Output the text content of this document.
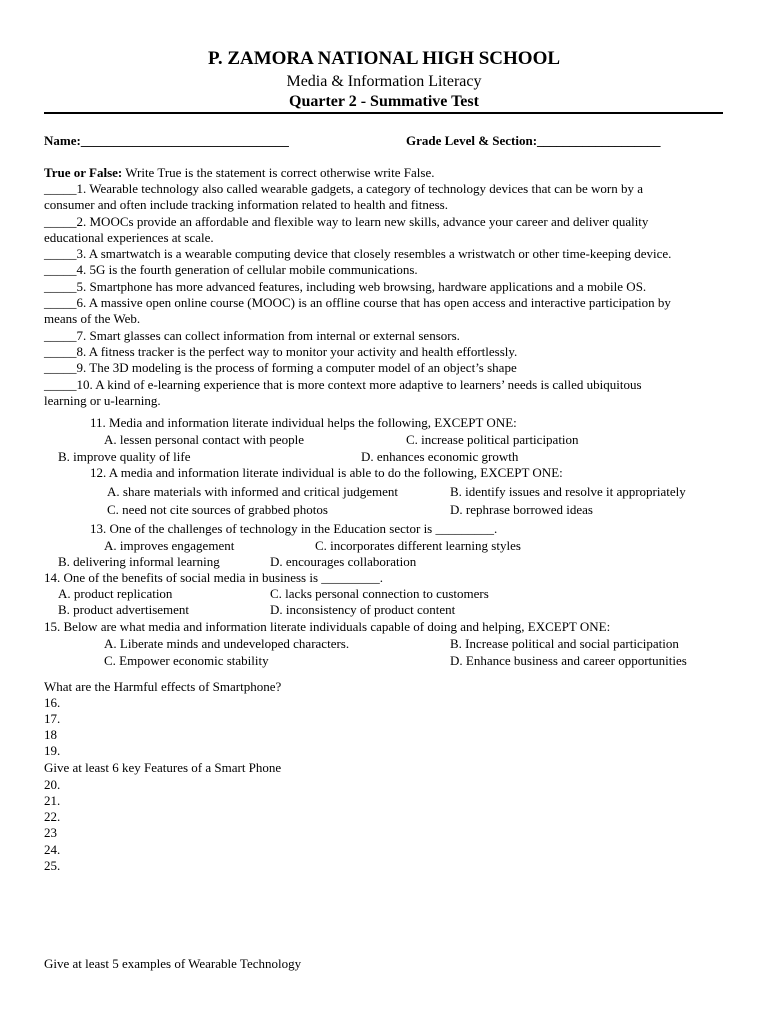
P. ZAMORA NATIONAL HIGH SCHOOL
Media & Information Literacy
Quarter 2 - Summative Test
Name:________________________________	Grade Level & Section:___________________
True or False: Write True is the statement is correct otherwise write False.
_____1. Wearable technology also called wearable gadgets, a category of technology devices that can be worn by a
consumer and often include tracking information related to health and fitness.
_____2. MOOCs provide an affordable and flexible way to learn new skills, advance your career and deliver quality
educational experiences at scale.
_____3. A smartwatch is a wearable computing device that closely resembles a wristwatch or other time-keeping device.
_____4. 5G is the fourth generation of cellular mobile communications.
_____5. Smartphone has more advanced features, including web browsing, hardware applications and a mobile OS.
_____6. A massive open online course (MOOC) is an offline course that has open access and interactive participation by
means of the Web.
_____7. Smart glasses can collect information from internal or external sensors.
_____8. A fitness tracker is the perfect way to monitor your activity and health effortlessly.
_____9. The 3D modeling is the process of forming a computer model of an object’s shape
_____10. A kind of e-learning experience that is more context more adaptive to learners’ needs is called ubiquitous
learning or u-learning.
11. Media and information literate individual helps the following, EXCEPT ONE:
A. lessen personal contact with people	C. increase political participation
B. improve quality of life	D. enhances economic growth
12. A media and information literate individual is able to do the following, EXCEPT ONE:
A. share materials with informed and critical judgement	B. identify issues and resolve it appropriately
C. need not cite sources of grabbed photos	D. rephrase borrowed ideas
13. One of the challenges of technology in the Education sector is _________.
A. improves engagement	C. incorporates different learning styles
B. delivering informal learning	D. encourages collaboration
14. One of the benefits of social media in business is _________.
A. product replication	C. lacks personal connection to customers
B. product advertisement	D. inconsistency of product content
15. Below are what media and information literate individuals capable of doing and helping, EXCEPT ONE:
A. Liberate minds and undeveloped characters.	B. Increase political and social participation
C. Empower economic stability	D. Enhance business and career opportunities
What are the Harmful effects of Smartphone?
16.
17.
18
19.
Give at least 6 key Features of a Smart Phone
20.
21.
22.
23
24.
25.
Give at least 5 examples of Wearable Technology
